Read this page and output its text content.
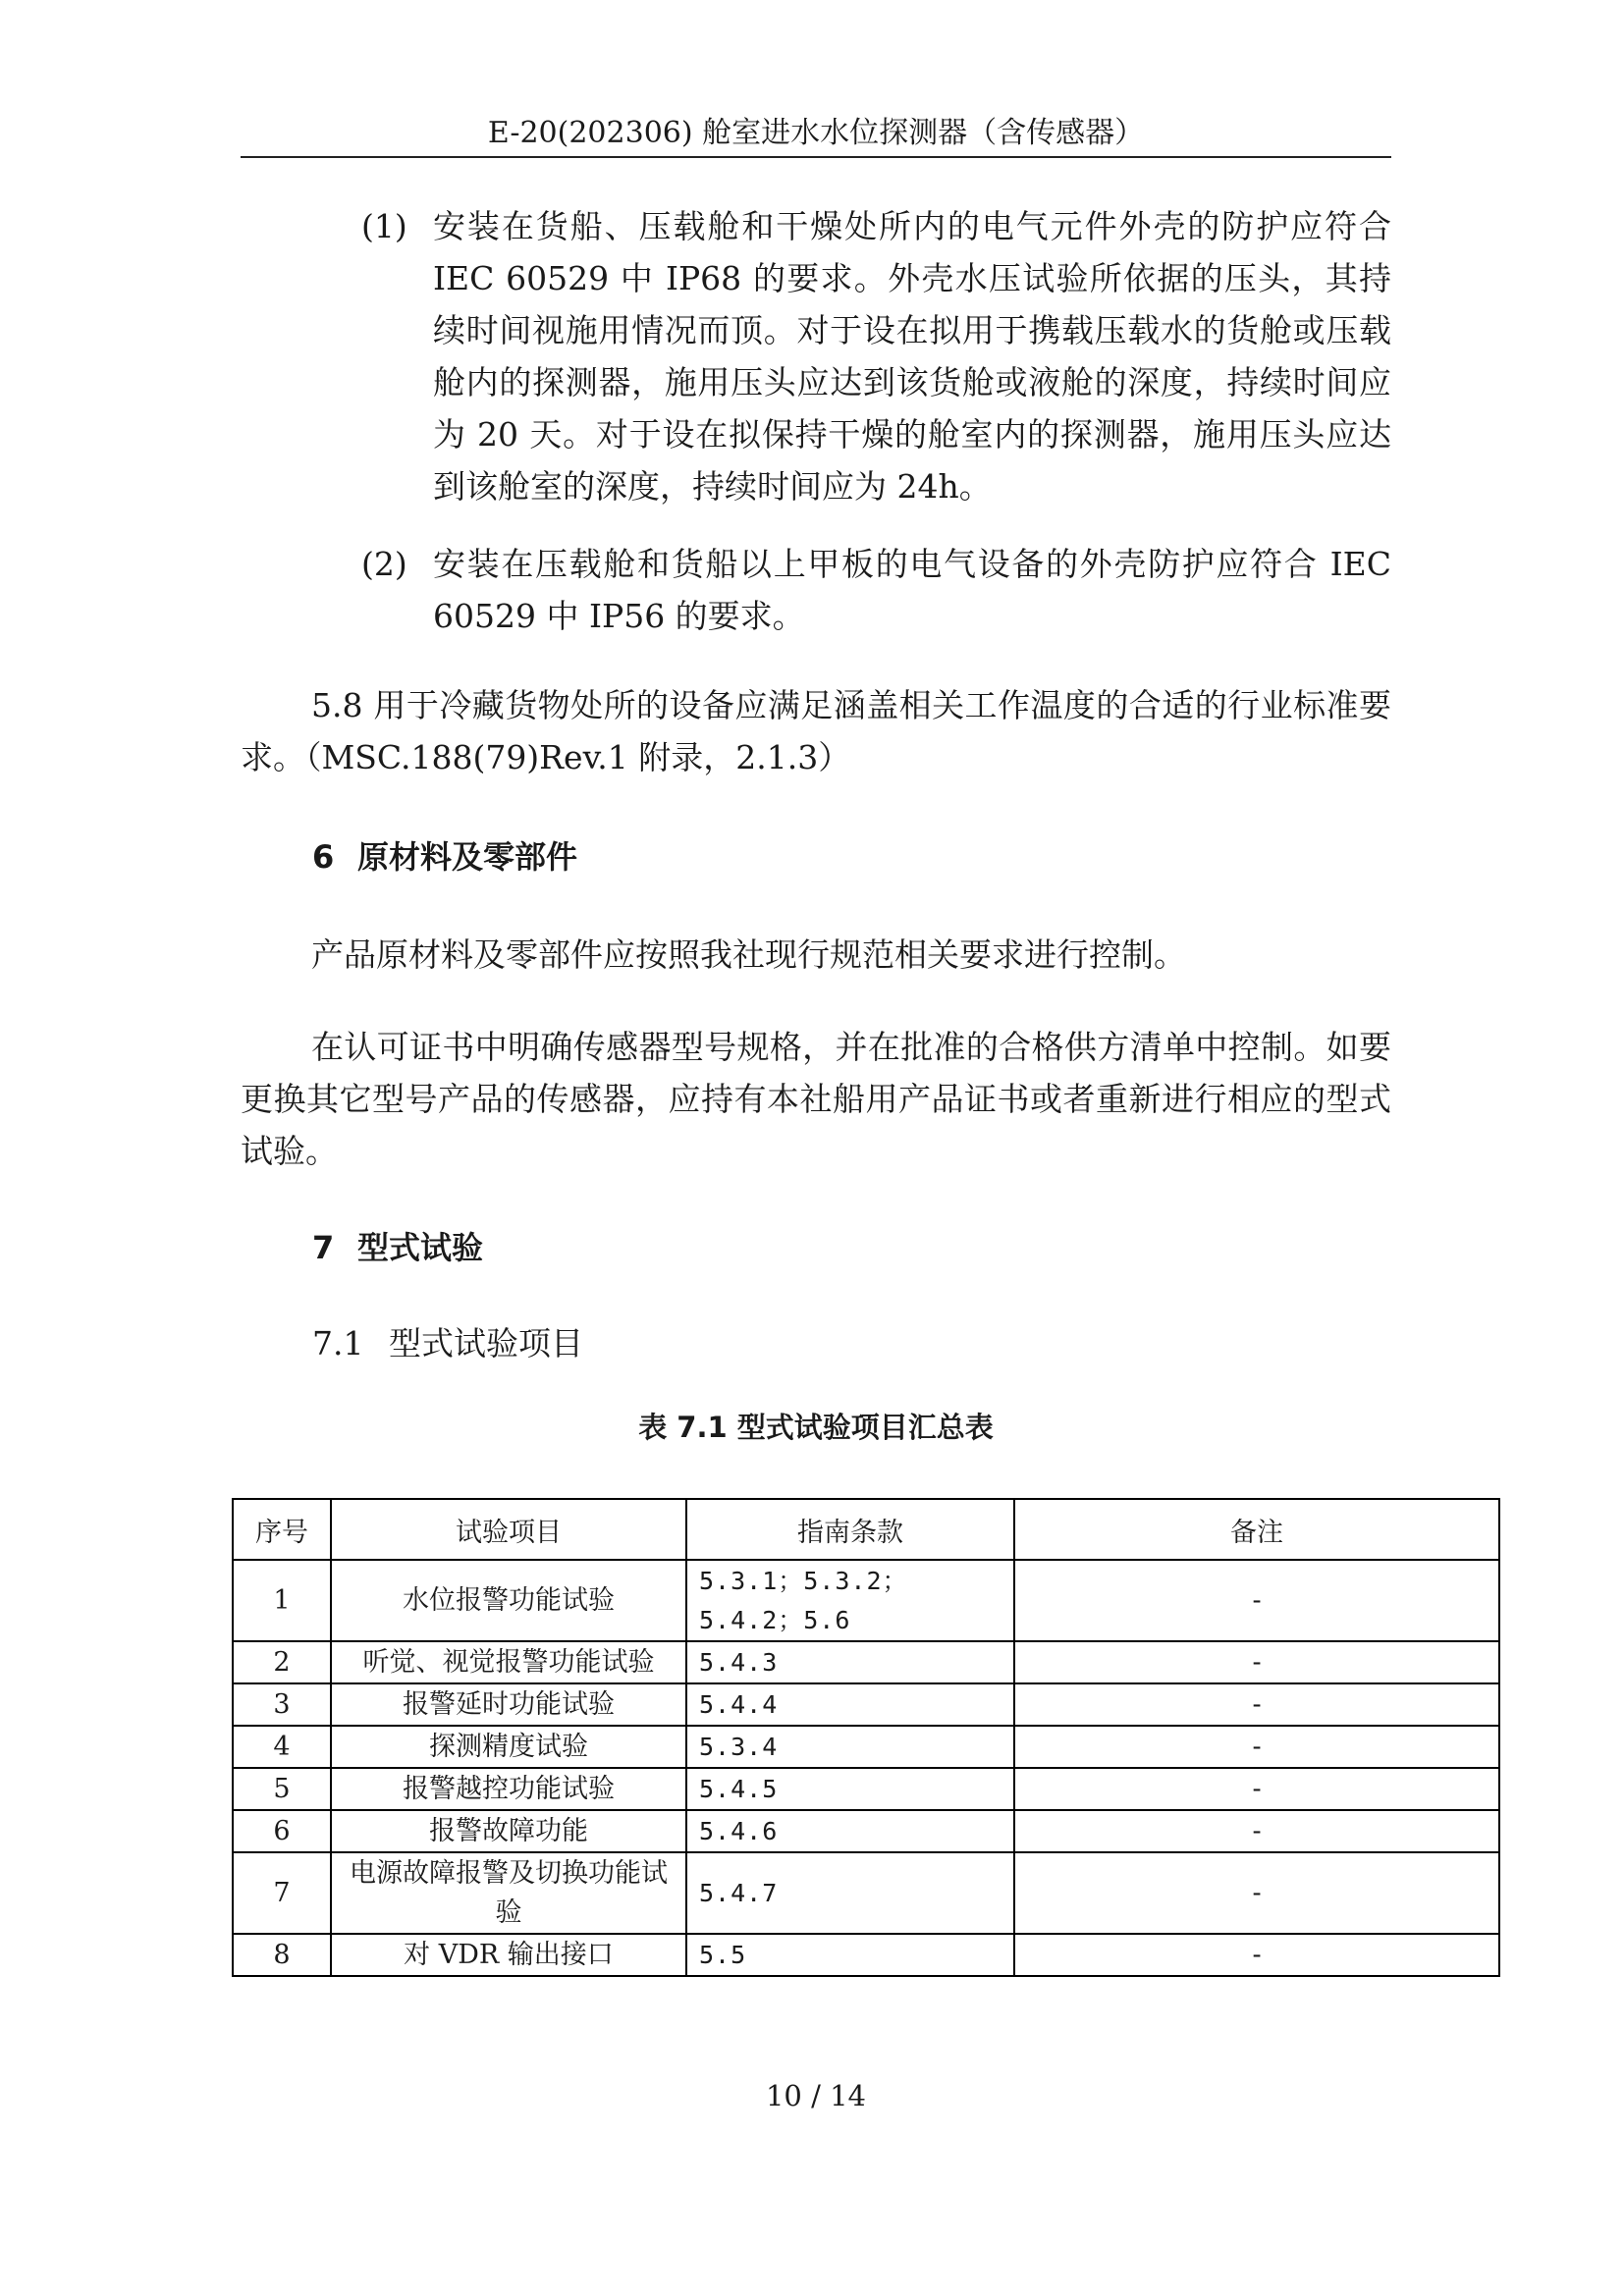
E-20(202306) 舱室进水水位探测器（含传感器）
(1) 安装在货船、压载舱和干燥处所内的电气元件外壳的防护应符合IEC 60529 中 IP68 的要求。外壳水压试验所依据的压头，其持续时间视施用情况而顶。对于设在拟用于携载压载水的货舱或压载舱内的探测器，施用压头应达到该货舱或液舱的深度，持续时间应为 20 天。对于设在拟保持干燥的舱室内的探测器，施用压头应达到该舱室的深度，持续时间应为 24h。

(2) 安装在压载舱和货船以上甲板的电气设备的外壳防护应符合 IEC 60529 中 IP56 的要求。

5.8 用于冷藏货物处所的设备应满足涵盖相关工作温度的合适的行业标准要求。（MSC.188(79)Rev.1 附录，2.1.3）

6 原材料及零部件

产品原材料及零部件应按照我社现行规范相关要求进行控制。

在认可证书中明确传感器型号规格，并在批准的合格供方清单中控制。如要更换其它型号产品的传感器，应持有本社船用产品证书或者重新进行相应的型式试验。

7 型式试验
7.1 型式试验项目
表 7.1 型式试验项目汇总表
序号	试验项目	指南条款	备注
1	水位报警功能试验	5.3.1；5.3.2；5.4.2；5.6	-
2	听觉、视觉报警功能试验	5.4.3	-
3	报警延时功能试验	5.4.4	-
4	探测精度试验	5.3.4	-
5	报警越控功能试验	5.4.5	-
6	报警故障功能	5.4.6	-
7	电源故障报警及切换功能试验	5.4.7	-
8	对 VDR 输出接口	5.5	-
10 / 14
